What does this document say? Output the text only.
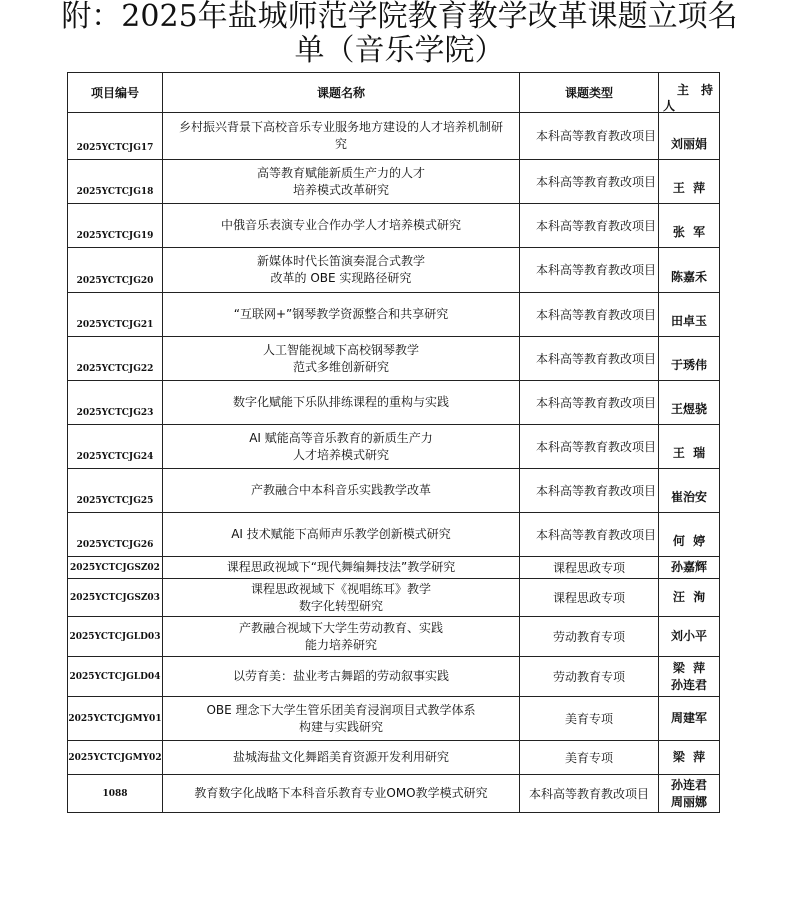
附：2025年盐城师范学院教育教学改革课题立项名
单（音乐学院）
项目编号	课题名称	课题类型	主 持
人

2025YCTCJG17	乡村振兴背景下高校音乐专业服务地方建设的人才培养机制研
究	本科高等教育教改项目	刘丽娟

2025YCTCJG18	高等教育赋能新质生产力的人才
培养模式改革研究	本科高等教育教改项目	王  萍

2025YCTCJG19	中俄音乐表演专业合作办学人才培养模式研究	本科高等教育教改项目	张  军

2025YCTCJG20	新媒体时代长笛演奏混合式教学
改革的 OBE 实现路径研究	本科高等教育教改项目	陈嘉禾

2025YCTCJG21	“互联网+”钢琴教学资源整合和共享研究	本科高等教育教改项目	田卓玉

2025YCTCJG22	人工智能视域下高校钢琴教学
范式多维创新研究	本科高等教育教改项目	于琇伟

2025YCTCJG23	数字化赋能下乐队排练课程的重构与实践	本科高等教育教改项目	王煜骁

2025YCTCJG24	AI 赋能高等音乐教育的新质生产力
人才培养模式研究	本科高等教育教改项目	王  瑞

2025YCTCJG25	产教融合中本科音乐实践教学改革	本科高等教育教改项目	崔治安

2025YCTCJG26	AI 技术赋能下高师声乐教学创新模式研究	本科高等教育教改项目	何  婷

2025YCTCJGSZ02	课程思政视域下“现代舞编舞技法”教学研究	课程思政专项	孙嘉辉

2025YCTCJGSZ03	课程思政视域下《视唱练耳》教学
数字化转型研究	课程思政专项	汪  洵

2025YCTCJGLD03	产教融合视域下大学生劳动教育、实践
能力培养研究	劳动教育专项	刘小平

2025YCTCJGLD04	以劳育美：盐业考古舞蹈的劳动叙事实践	劳动教育专项	梁  萍
孙连君

2025YCTCJGMY01	OBE 理念下大学生管乐团美育浸润项目式教学体系
构建与实践研究	美育专项	周建军

2025YCTCJGMY02	盐城海盐文化舞蹈美育资源开发利用研究	美育专项	梁  萍

1088	教育数字化战略下本科音乐教育专业OMO教学模式研究	本科高等教育教改项目	孙连君
周丽娜
